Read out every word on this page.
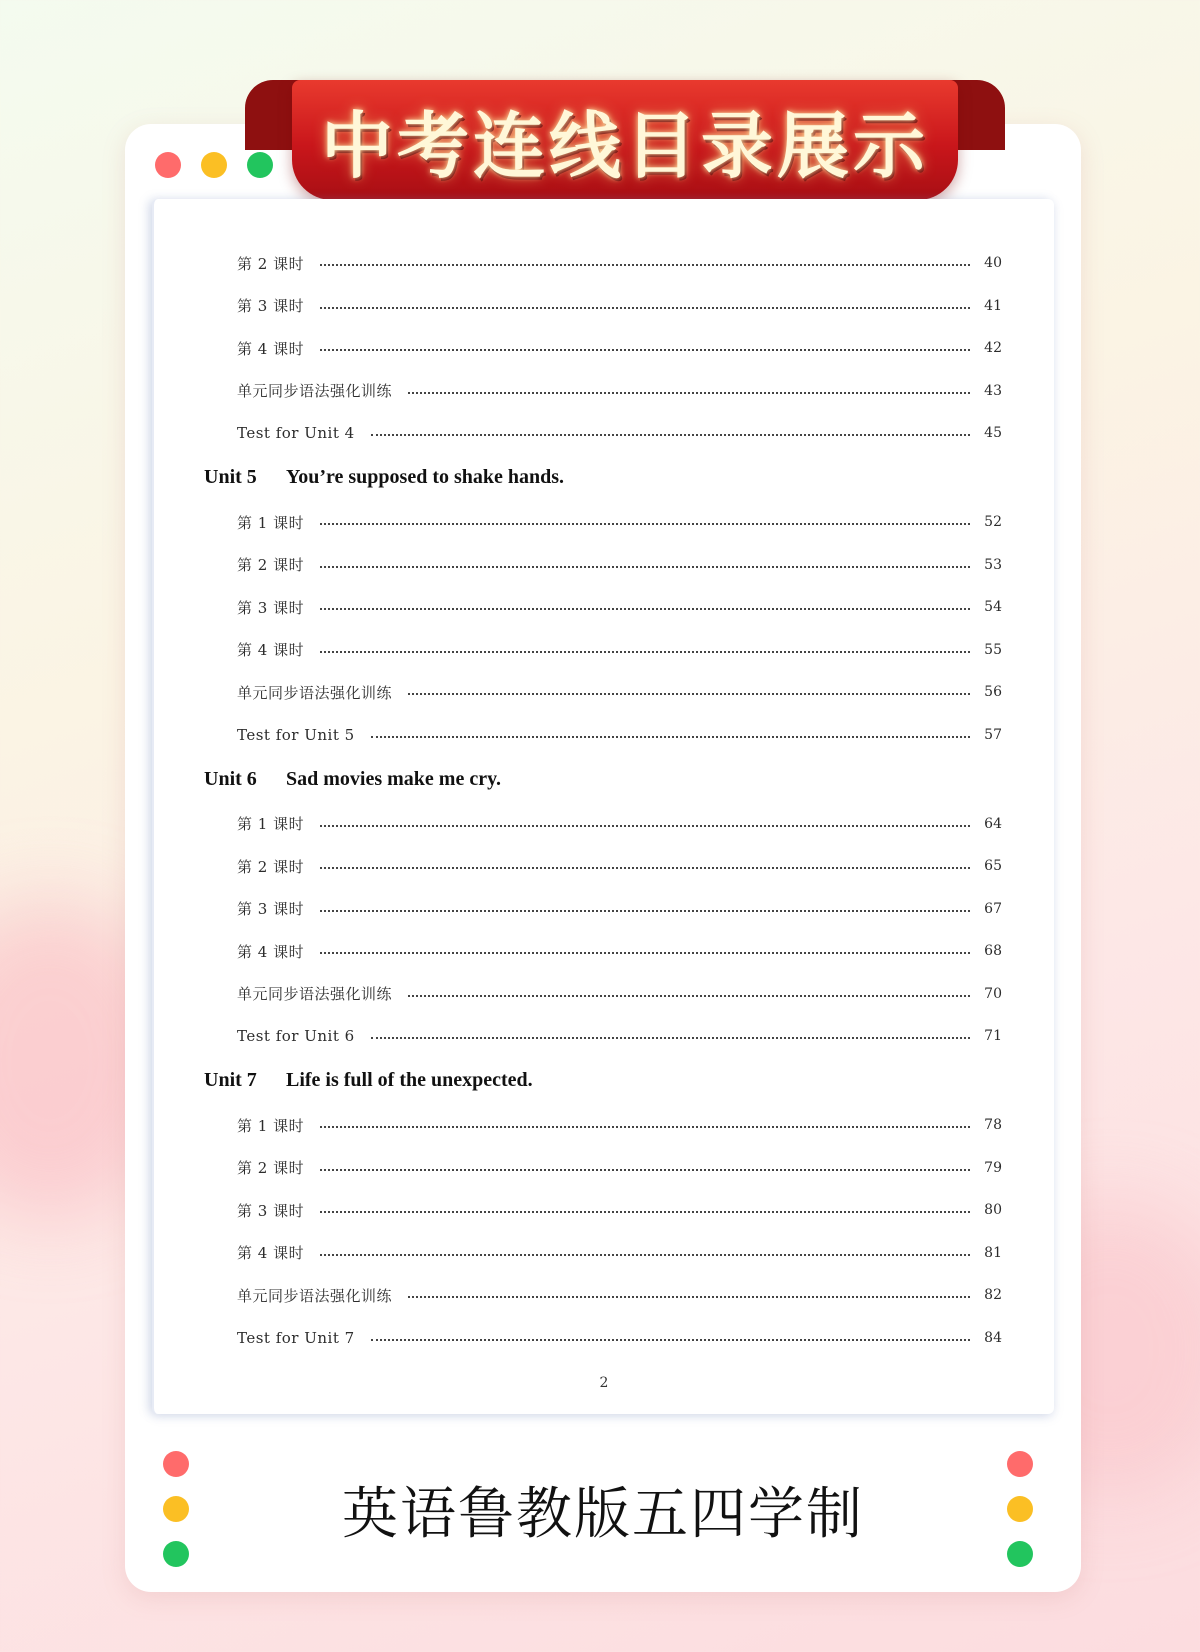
中考连线目录展示
第 2 课时	40
第 3 课时	41
第 4 课时	42
单元同步语法强化训练	43
Test for Unit 4	45
Unit 5	You’re supposed to shake hands.
第 1 课时	52
第 2 课时	53
第 3 课时	54
第 4 课时	55
单元同步语法强化训练	56
Test for Unit 5	57
Unit 6	Sad movies make me cry.
第 1 课时	64
第 2 课时	65
第 3 课时	67
第 4 课时	68
单元同步语法强化训练	70
Test for Unit 6	71
Unit 7	Life is full of the unexpected.
第 1 课时	78
第 2 课时	79
第 3 课时	80
第 4 课时	81
单元同步语法强化训练	82
Test for Unit 7	84
2
英语鲁教版五四学制
